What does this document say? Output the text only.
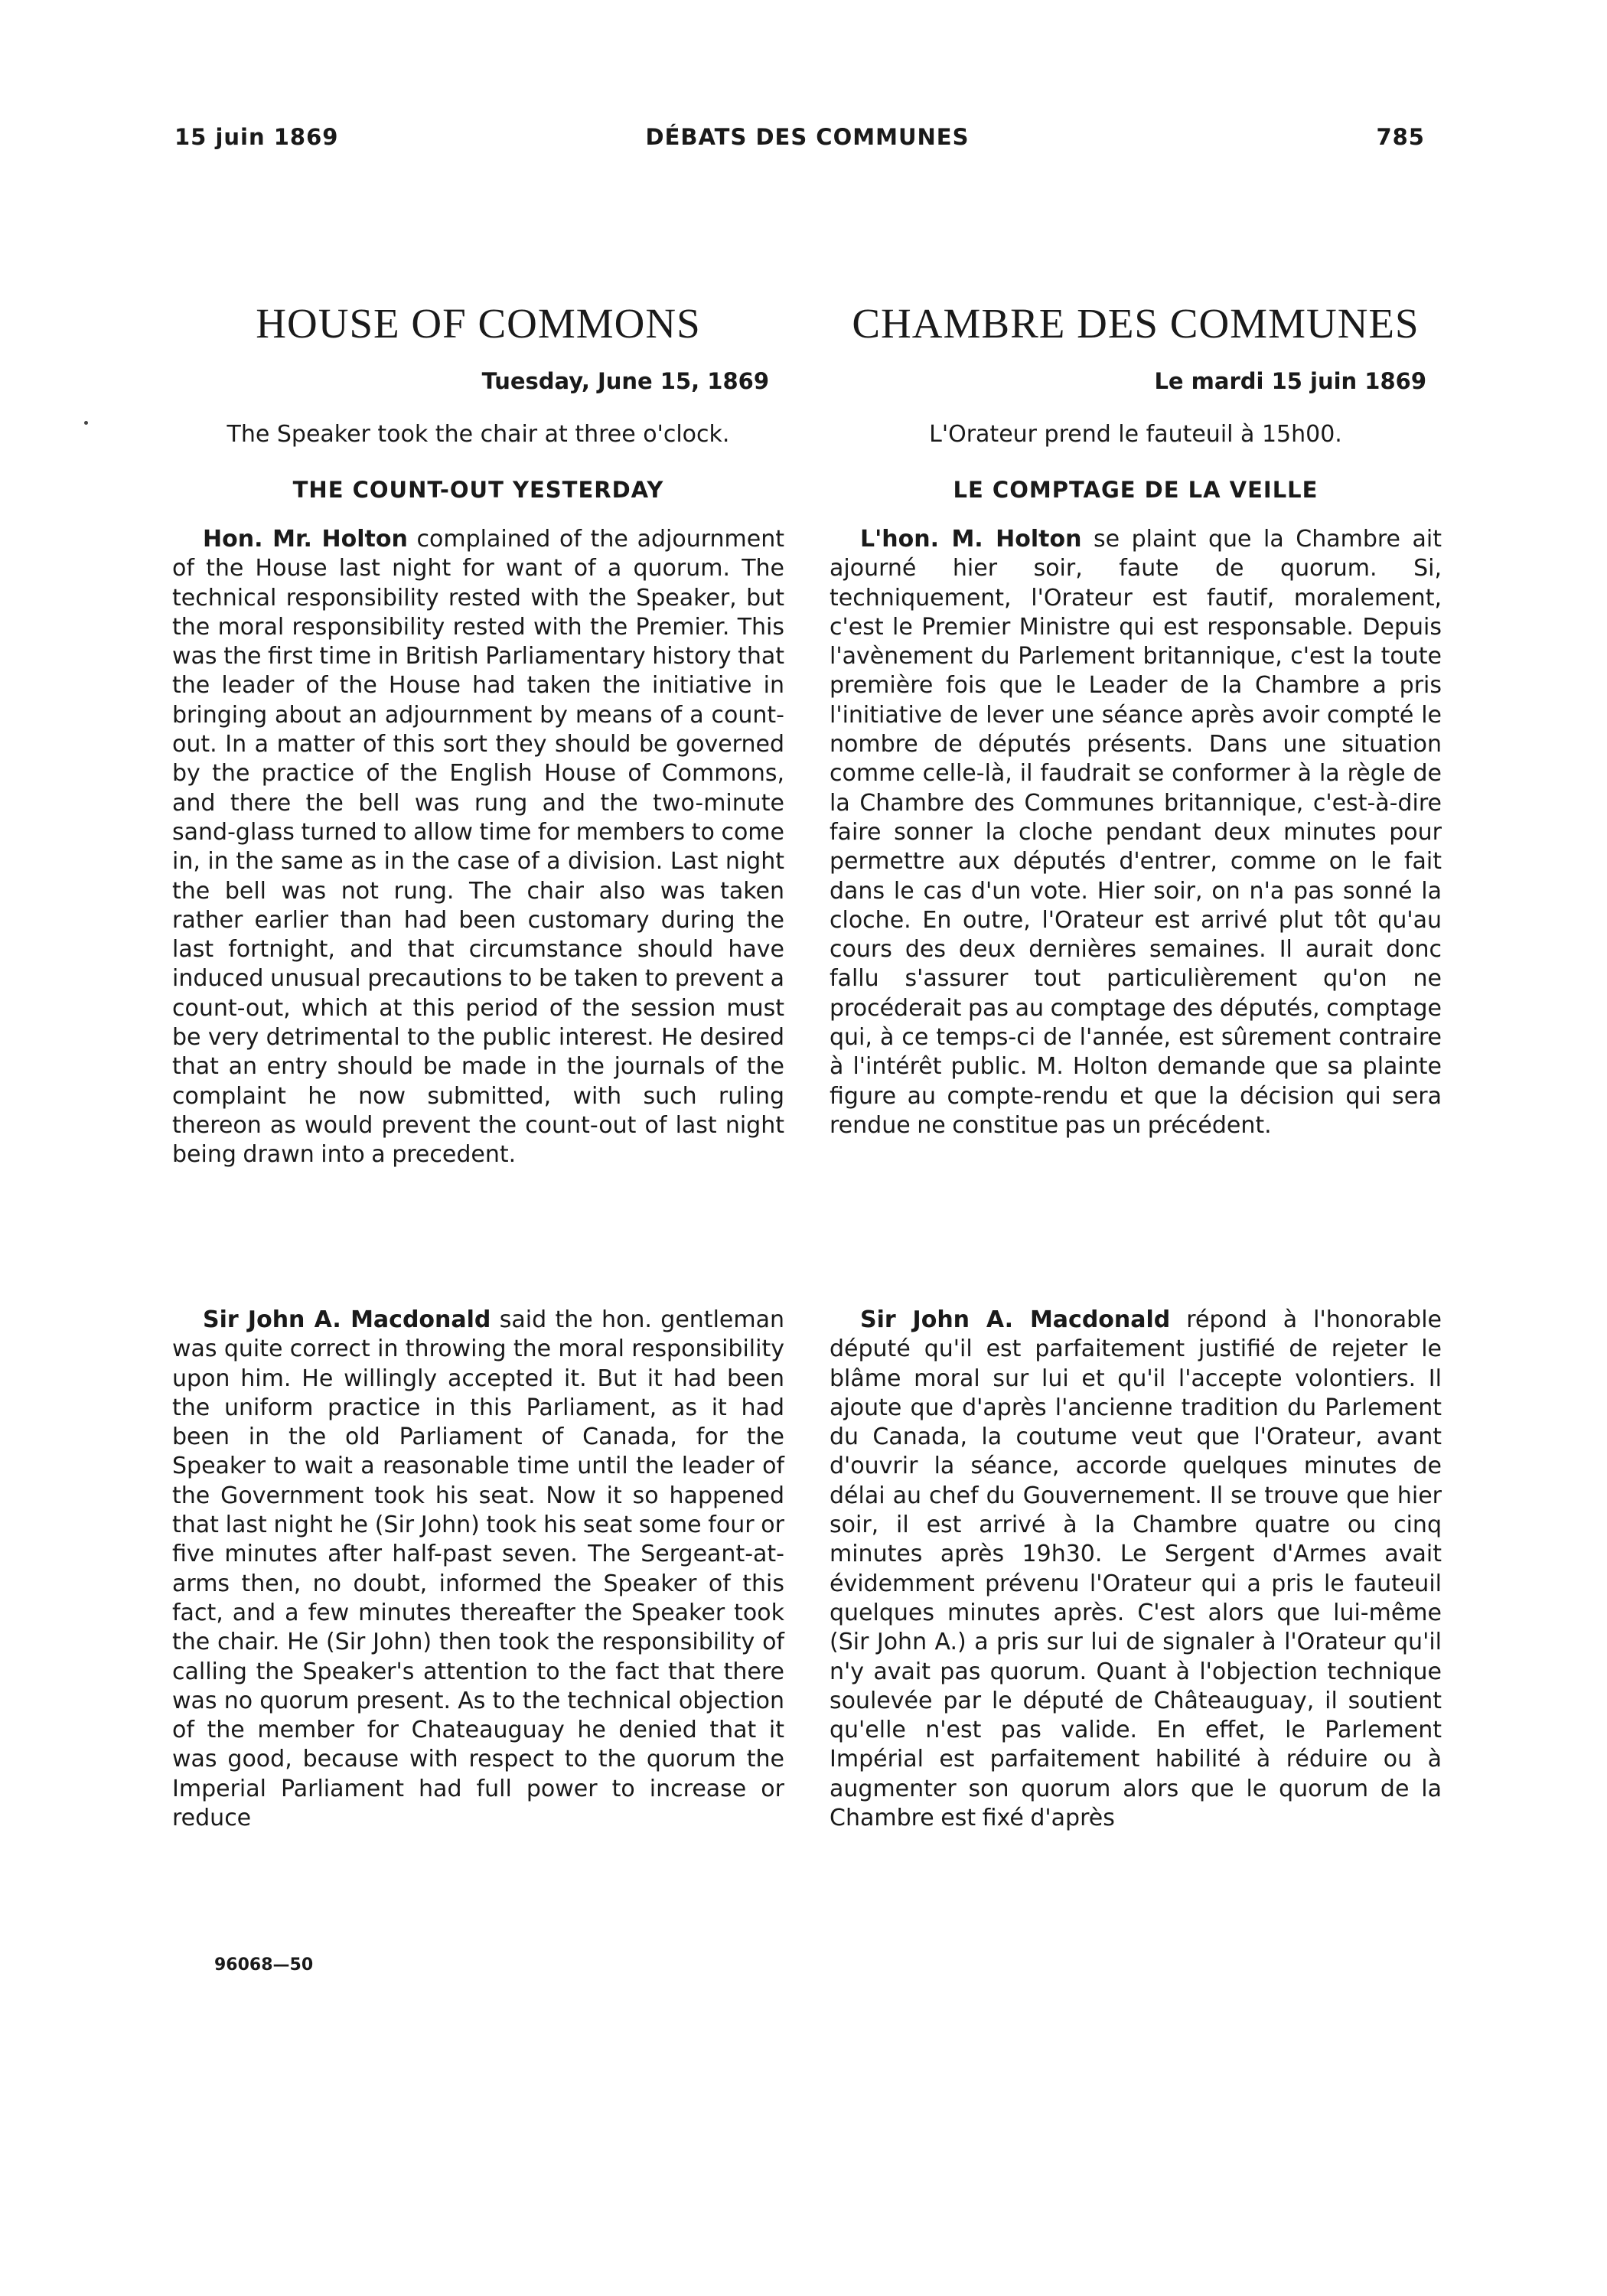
15 juin 1869	DÉBATS DES COMMUNES	785
HOUSE OF COMMONS
Tuesday, June 15, 1869
The Speaker took the chair at three o'clock.
THE COUNT-OUT YESTERDAY

Hon. Mr. Holton complained of the adjournment of the House last night for want of a quorum. The technical responsibility rested with the Speaker, but the moral responsibility rested with the Premier. This was the first time in British Parliamentary history that the leader of the House had taken the initiative in bringing about an adjournment by means of a count-out. In a matter of this sort they should be governed by the practice of the English House of Commons, and there the bell was rung and the two-minute sand-glass turned to allow time for members to come in, in the same as in the case of a division. Last night the bell was not rung. The chair also was taken rather earlier than had been customary during the last fortnight, and that circumstance should have induced unusual precautions to be taken to prevent a count-out, which at this period of the session must be very detrimental to the public interest. He desired that an entry should be made in the journals of the complaint he now submitted, with such ruling thereon as would prevent the count-out of last night being drawn into a precedent.

Sir John A. Macdonald said the hon. gentleman was quite correct in throwing the moral responsibility upon him. He willingly accepted it. But it had been the uniform practice in this Parliament, as it had been in the old Parliament of Canada, for the Speaker to wait a reasonable time until the leader of the Government took his seat. Now it so happened that last night he (Sir John) took his seat some four or five minutes after half-past seven. The Sergeant-at-arms then, no doubt, informed the Speaker of this fact, and a few minutes thereafter the Speaker took the chair. He (Sir John) then took the responsibility of calling the Speaker's attention to the fact that there was no quorum present. As to the technical objection of the member for Chateauguay he denied that it was good, because with respect to the quorum the Imperial Parliament had full power to increase or reduce

CHAMBRE DES COMMUNES
Le mardi 15 juin 1869
L'Orateur prend le fauteuil à 15h00.
LE COMPTAGE DE LA VEILLE

L'hon. M. Holton se plaint que la Chambre ait ajourné hier soir, faute de quorum. Si, techniquement, l'Orateur est fautif, moralement, c'est le Premier Ministre qui est responsable. Depuis l'avènement du Parlement britannique, c'est la toute première fois que le Leader de la Chambre a pris l'initiative de lever une séance après avoir compté le nombre de députés présents. Dans une situation comme celle-là, il faudrait se conformer à la règle de la Chambre des Communes britannique, c'est-à-dire faire sonner la cloche pendant deux minutes pour permettre aux députés d'entrer, comme on le fait dans le cas d'un vote. Hier soir, on n'a pas sonné la cloche. En outre, l'Orateur est arrivé plut tôt qu'au cours des deux dernières semaines. Il aurait donc fallu s'assurer tout particulièrement qu'on ne procéderait pas au comptage des députés, comptage qui, à ce temps-ci de l'année, est sûrement contraire à l'intérêt public. M. Holton demande que sa plainte figure au compte-rendu et que la décision qui sera rendue ne constitue pas un précédent.

Sir John A. Macdonald répond à l'honorable député qu'il est parfaitement justifié de rejeter le blâme moral sur lui et qu'il l'accepte volontiers. Il ajoute que d'après l'ancienne tradition du Parlement du Canada, la coutume veut que l'Orateur, avant d'ouvrir la séance, accorde quelques minutes de délai au chef du Gouvernement. Il se trouve que hier soir, il est arrivé à la Chambre quatre ou cinq minutes après 19h30. Le Sergent d'Armes avait évidemment prévenu l'Orateur qui a pris le fauteuil quelques minutes après. C'est alors que lui-même (Sir John A.) a pris sur lui de signaler à l'Orateur qu'il n'y avait pas quorum. Quant à l'objection technique soulevée par le député de Châteauguay, il soutient qu'elle n'est pas valide. En effet, le Parlement Impérial est parfaitement habilité à réduire ou à augmenter son quorum alors que le quorum de la Chambre est fixé d'après

96068—50
